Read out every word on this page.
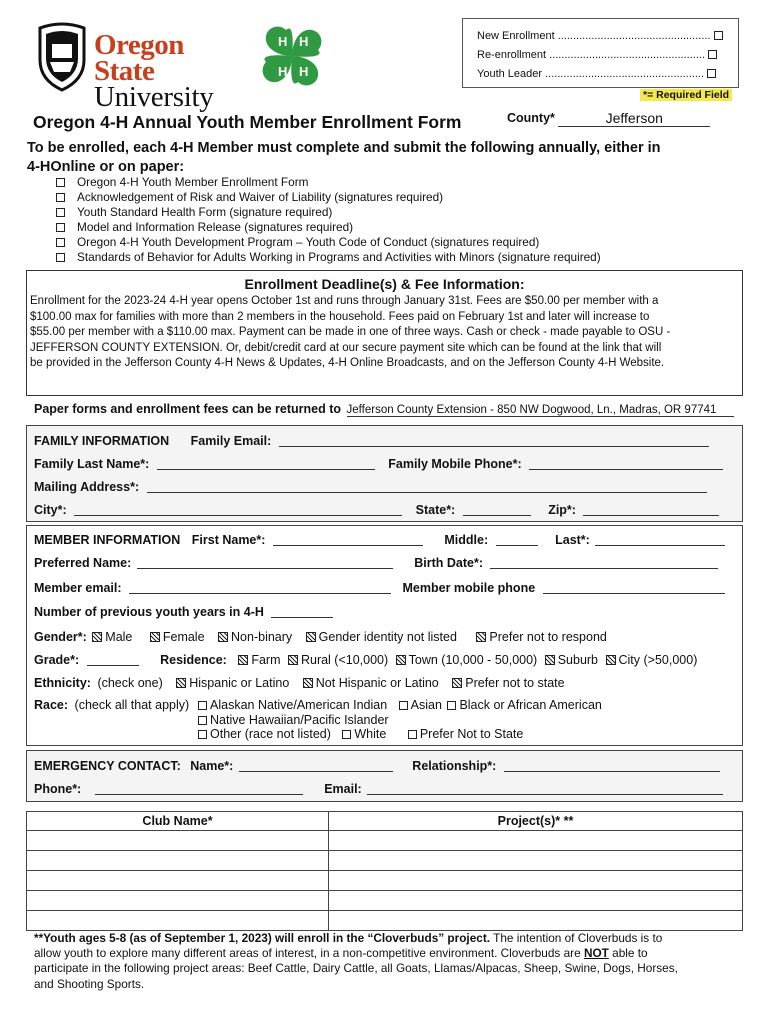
Oregon State
University
H H
H
H
New Enrollment ..................................................
Re-enrollment ...................................................
Youth Leader ....................................................
*= Required Field
Oregon 4-H Annual Youth Member Enrollment Form	County*	Jefferson
To be enrolled, each 4-H Member must complete and submit the following annually, either in
4-HOnline or on paper:
Oregon 4-H Youth Member Enrollment Form
Acknowledgement of Risk and Waiver of Liability (signatures required)
Youth Standard Health Form (signature required)
Model and Information Release (signatures required)
Oregon 4-H Youth Development Program – Youth Code of Conduct (signatures required)
Standards of Behavior for Adults Working in Programs and Activities with Minors (signature required)
Enrollment Deadline(s) & Fee Information:
Enrollment for the 2023-24 4-H year opens October 1st and runs through January 31st. Fees are $50.00 per member with a
$100.00 max for families with more than 2 members in the household. Fees paid on February 1st and later will increase to
$55.00 per member with a $110.00 max. Payment can be made in one of three ways. Cash or check - made payable to OSU -
JEFFERSON COUNTY EXTENSION. Or, debit/credit card at our secure payment site which can be found at the link that will
be provided in the Jefferson County 4-H News & Updates, 4-H Online Broadcasts, and on the Jefferson County 4-H Website.
Paper forms and enrollment fees can be returned to Jefferson County Extension - 850 NW Dogwood, Ln., Madras, OR 97741
FAMILY INFORMATION Family Email:
Family Last Name*:	Family Mobile Phone*:
Mailing Address*:
City*:	State*:	Zip*:
MEMBER INFORMATION First Name*:	Middle:	Last*:
Preferred Name:	Birth Date*:
Member email:	Member mobile phone
Number of previous youth years in 4-H
Gender*: Male Female Non-binary Gender identity not listed	Prefer not to respond
Grade*:	Residence: Farm Rural (<10,000) Town (10,000 - 50,000) Suburb City (>50,000)
Ethnicity: (check one) Hispanic or Latino Not Hispanic or Latino Prefer not to state
Race: (check all that apply)	Alaskan Native/American Indian Asian Black or African American
Native Hawaiian/Pacific Islander
Other (race not listed) White	Prefer Not to State
EMERGENCY CONTACT: Name*:	Relationship*:
Phone*:	Email:
Club Name*	Project(s)* **

**Youth ages 5-8 (as of September 1, 2023) will enroll in the “Cloverbuds” project. The intention of Cloverbuds is to
allow youth to explore many different areas of interest, in a non-competitive environment. Cloverbuds are NOT able to
participate in the following project areas: Beef Cattle, Dairy Cattle, all Goats, Llamas/Alpacas, Sheep, Swine, Dogs, Horses,
and Shooting Sports.
